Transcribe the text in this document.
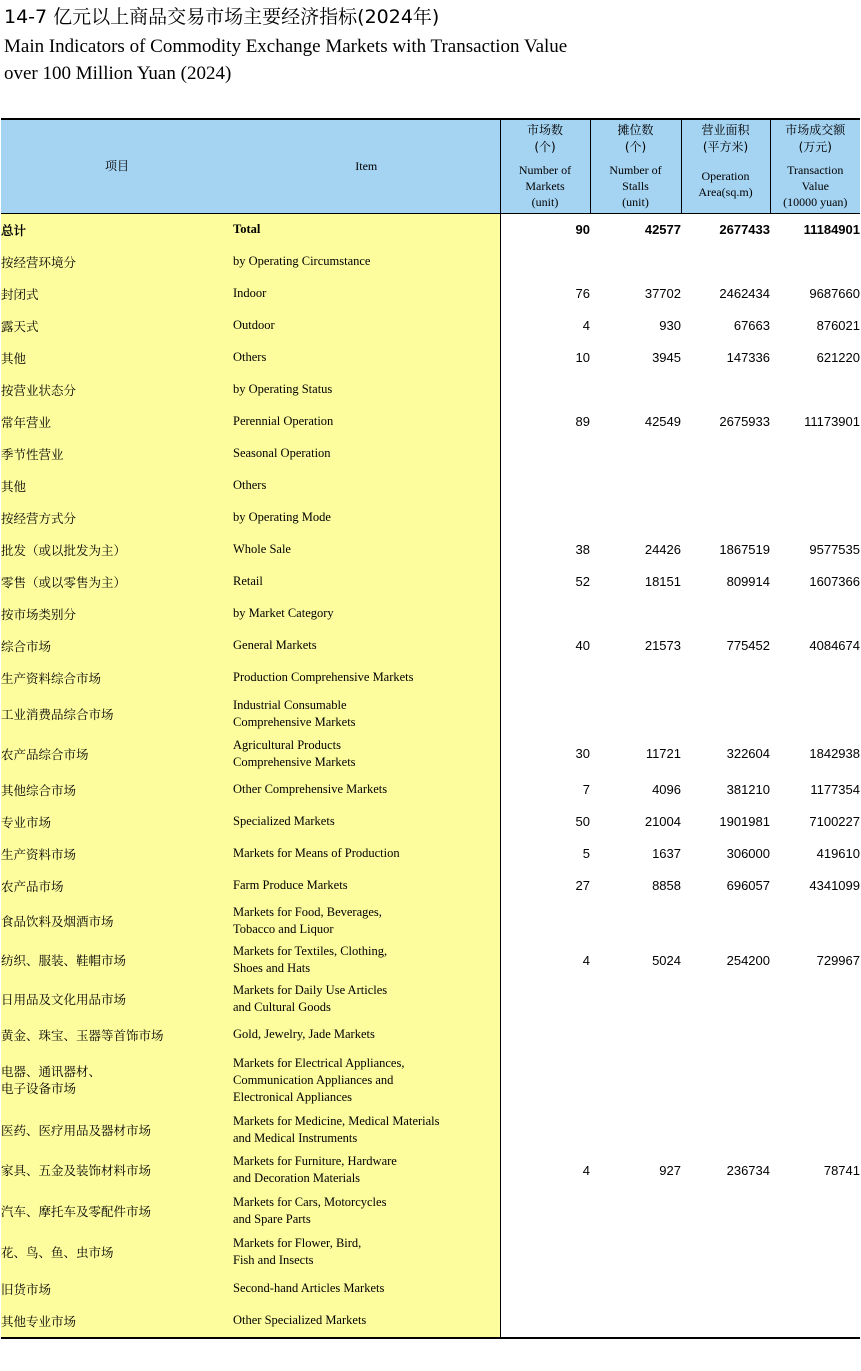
14-7 亿元以上商品交易市场主要经济指标(2024年)
Main Indicators of Commodity Exchange Markets with Transaction Value
over 100 Million Yuan (2024)
项目	Item	市场数
(个)
Number of
Markets
(unit)	摊位数
(个)
Number of
Stalls
(unit)	营业面积
(平方米)
Operation
Area(sq.m)	市场成交额
(万元)
Transaction
Value
(10000 yuan)

总计	Total	90	42577	2677433	11184901
按经营环境分	by Operating Circumstance				
封闭式	Indoor	76	37702	2462434	9687660
露天式	Outdoor	4	930	67663	876021
其他	Others	10	3945	147336	621220
按营业状态分	by Operating Status				
常年营业	Perennial Operation	89	42549	2675933	11173901
季节性营业	Seasonal Operation				
其他	Others				
按经营方式分	by Operating Mode				
批发（或以批发为主）	Whole Sale	38	24426	1867519	9577535
零售（或以零售为主）	Retail	52	18151	809914	1607366
按市场类别分	by Market Category				
综合市场	General Markets	40	21573	775452	4084674
生产资料综合市场	Production Comprehensive Markets				
工业消费品综合市场	Industrial Consumable
Comprehensive Markets				
农产品综合市场	Agricultural Products
Comprehensive Markets	30	11721	322604	1842938
其他综合市场	Other Comprehensive Markets	7	4096	381210	1177354
专业市场	Specialized Markets	50	21004	1901981	7100227
生产资料市场	Markets for Means of Production	5	1637	306000	419610
农产品市场	Farm Produce Markets	27	8858	696057	4341099
食品饮料及烟酒市场	Markets for Food, Beverages,
Tobacco and Liquor				
纺织、服装、鞋帽市场	Markets for Textiles, Clothing,
Shoes and Hats	4	5024	254200	729967
日用品及文化用品市场	Markets for Daily Use Articles
and Cultural Goods				
黄金、珠宝、玉器等首饰市场	Gold, Jewelry, Jade Markets				
电器、通讯器材、
电子设备市场	Markets for Electrical Appliances,
Communication Appliances and
Electronical Appliances				
医药、医疗用品及器材市场	Markets for Medicine, Medical Materials
and Medical Instruments				
家具、五金及装饰材料市场	Markets for Furniture, Hardware
and Decoration Materials	4	927	236734	78741
汽车、摩托车及零配件市场	Markets for Cars, Motorcycles
and Spare Parts				
花、鸟、鱼、虫市场	Markets for Flower, Bird,
Fish and Insects				
旧货市场	Second-hand Articles Markets				
其他专业市场	Other Specialized Markets				
